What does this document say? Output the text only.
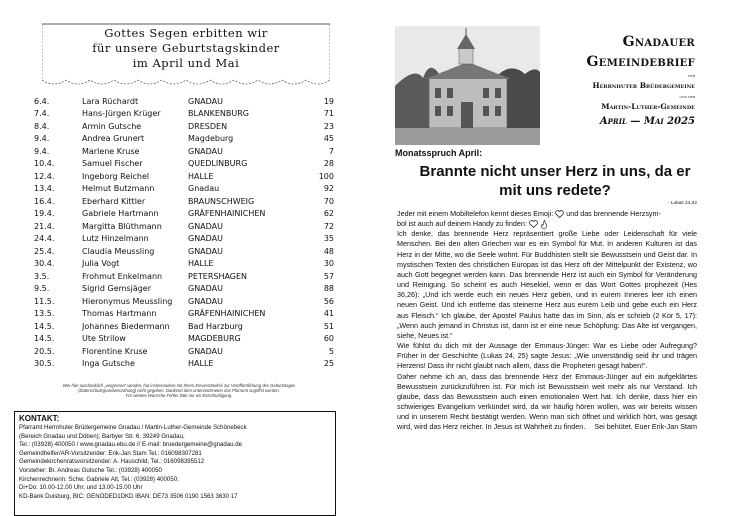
Gottes Segen erbitten wir
für unsere Geburtstagskinder
im April und Mai
6.4.	Lara Rüchardt	GNADAU	19
7.4.	Hans-Jürgen Krüger	BLANKENBURG	71
8.4.	Armin Gutsche	DRESDEN	23
9.4.	Andrea Grunert	Magdeburg	45
9.4.	Marlene Kruse	GNADAU	7
10.4.	Samuel Fischer	QUEDLINBURG	28
12.4.	Ingeborg Reichel	HALLE	100
13.4.	Helmut Butzmann	Gnadau	92
16.4.	Eberhard Kittler	BRAUNSCHWEIG	70
19.4.	Gabriele Hartmann	GRÄFENHAINICHEN	62
21.4.	Margitta Blüthmann	GNADAU	72
24.4.	Lutz Hinzelmann	GNADAU	35
25.4.	Claudia Meussling	GNADAU	48
30.4.	Julia Vogt	HALLE	30
3.5.	Frohmut Enkelmann	PETERSHAGEN	57
9.5.	Sigrid Gemsjäger	GNADAU	88
11.5.	Hieronymus Meussling	GNADAU	56
13.5.	Thomas Hartmann	GRÄFENHAINICHEN	41
14.5.	Johannes Biedermann	Bad Harzburg	51
14.5.	Ute Strilow	MAGDEBURG	60
20.5.	Florentine Kruse	GNADAU	5
30.5.	Inga Gutsche	HALLE	25
Wer hier ausdrücklich „vergessen“ werden, hat insbesondere mit Ihrem Einverständnis zur Veröffentlichung des Geburtstages
(Datenschutzgrundverordnung) nicht gegeben. Dankend dem unterzeichneten das Pfarramt zugriffst worden.
Für weitere Wünsche Fehler bitte nur wir Entschuldigung.
KONTAKT:
Pfarramt Herrnhuter Brüdergemeine Gnadau / Martin-Luther-Gemeinde Schönebeck
(Bereich Gnadau und Döben); Barbyer Str. 6, 39249 Gnadau,
Tel.: (03928) 400050 / www.gnadau.ebu.de // E-mail: bruedergemeine@gnadau.de
Gemeindhelfer/AR-Vorsitzender: Erik-Jan Stam Tel.: 016098307281
Gemeindekirchenratsvorsitzender: A. Hauschild, Tel.: 016098395512
Vorsteher: Br. Andreas Gutsche Tel.: (03928) 400050
Kirchenrechnerin: Schw. Gabriele Alt, Tel.: (03928) 400050;
Di+Do: 10.00-12.00 Uhr, und 13.00-15.00 Uhr
KD-Bank Duisburg, BIC: GENODED1DKD IBAN: DE73 3506 0190 1563 3630 17
Gnadauer
Gemeindebrief
der
Herrnhuter Brüdergemeine
und der
Martin-Luther-Gemeinde
April — Mai 2025
Monatsspruch April:
Brannte nicht unser Herz in uns, da er
mit uns redete?
- Lukas 24,32

Jeder mit einem Mobiltelefon kennt dieses Emoji: und das brennende Herzsym-
bol ist auch auf deinem Handy zu finden:

Ich denke, das brennende Herz repräsentiert große Liebe oder Leidenschaft für viele Menschen. Bei den alten Griechen war es ein Symbol für Mut. In anderen Kulturen ist das Herz in der Mitte, wo die Seele wohnt. Für Buddhisten stellt sie Bewusstsein und Geist dar. In mystischen Texten des christlichen Europas ist das Herz oft der Mittelpunkt der Existenz, wo auch Gott begegnet werden kann. Das brennende Herz ist auch ein Symbol für Veränderung und Reinigung. So scheint es auch Hesekiel, wenn er das Wort Gottes prophezeit (Hes 36,26): „Und ich werde euch ein neues Herz geben, und in eurem Inneres leer ich einen neuen Geist. Und ich entferne das steinerne Herz aus eurem Leib und gebe euch ein Herz aus Fleisch.“ Ich glaube, der Apostel Paulus hatte das im Sinn, als er schrieb (2 Kor 5, 17): „Wenn auch jemand in Christus ist, dann ist er eine neue Schöpfung: Das Alte ist vergangen, siehe, Neues ist.“

Wie fühlst du dich mit der Aussage der Emmaus-Jünger: War es Liebe oder Aufregung? Früher in der Geschichte (Lukas 24, 25) sagte Jesus: „Wie unverständig seid ihr und trägen Herzens! Dass ihr nicht glaubt nach allem, dass die Propheten gesagt haben!“.

Daher nehme ich an, dass das brennende Herz der Emmaus-Jünger auf ein aufgeklärtes Bewusstsein zurückzuführen ist. Für mich ist Bewusstsein weit mehr als nur Verstand. Ich glaube, dass das Bewusstsein auch einen emotionalen Wert hat. Ich denke, dass hier ein schwieriges Evangelium verkündet wird, da wir häufig hören wollen, was wir bereits wissen und in unserem Recht bestätigt werden. Wenn man sich öffnet und wirklich hört, was gesagt wird, wird das Herz reicher. In Jesus ist Wahrheit zu finden. Sei behütet. Euer Erik-Jan Stam
